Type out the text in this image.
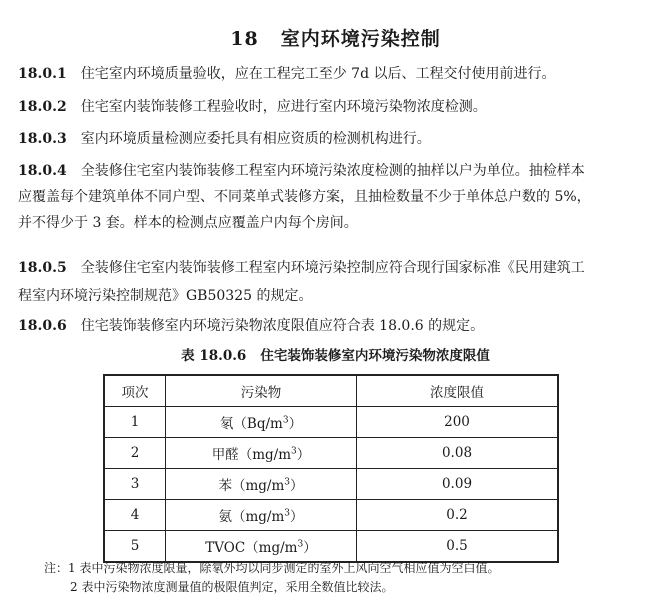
18 室内环境污染控制
18.0.1 住宅室内环境质量验收，应在工程完工至少 7d 以后、工程交付使用前进行。
18.0.2 住宅室内装饰装修工程验收时，应进行室内环境污染物浓度检测。
18.0.3 室内环境质量检测应委托具有相应资质的检测机构进行。
18.0.4 全装修住宅室内装饰装修工程室内环境污染浓度检测的抽样以户为单位。抽检样本
应覆盖每个建筑单体不同户型、不同菜单式装修方案，且抽检数量不少于单体总户数的 5%，
并不得少于 3 套。样本的检测点应覆盖户内每个房间。
18.0.5 全装修住宅室内装饰装修工程室内环境污染控制应符合现行国家标准《民用建筑工
程室内环境污染控制规范》GB50325 的规定。
18.0.6 住宅装饰装修室内环境污染物浓度限值应符合表 18.0.6 的规定。
表 18.0.6 住宅装饰装修室内环境污染物浓度限值
项次	污染物	浓度限值
1	氡$(Bq/m^3)$	200
2	甲醛$(mg/m^3)$	0.08
3	苯$(mg/m^3)$	0.09
4	氨$(mg/m^3)$	0.2
5	$TVOC(mg/m^3)$	0.5
注：1 表中污染物浓度限量，除氡外均以同步测定的室外上风向空气相应值为空白值。
2 表中污染物浓度测量值的极限值判定，采用全数值比较法。
